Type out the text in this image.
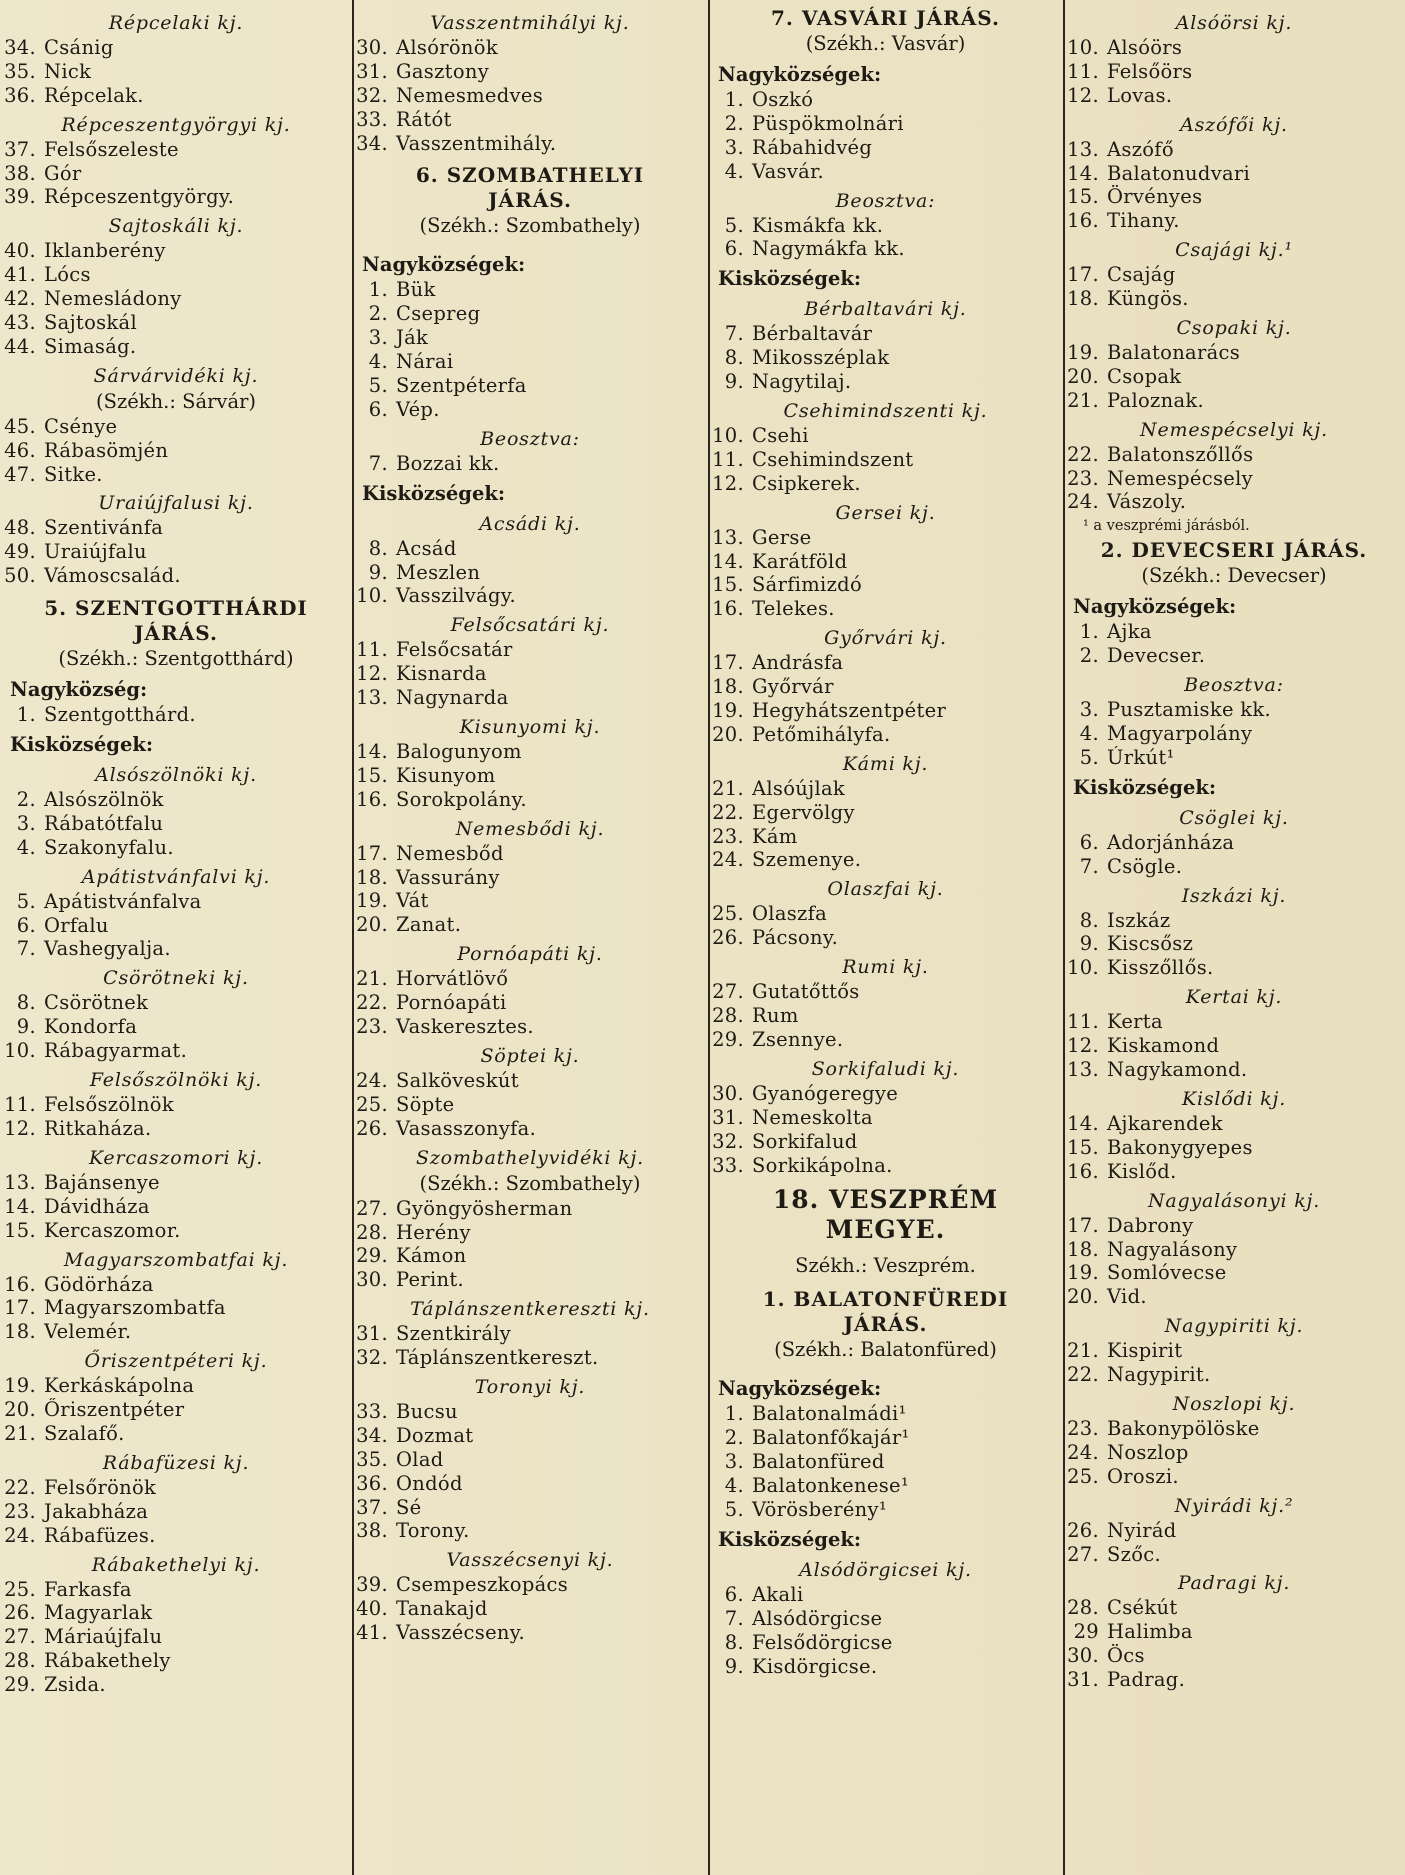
Répcelaki kj.
34. Csánig
35. Nick
36. Répcelak.
Répceszentgyörgyi kj.
37. Felsőszeleste
38. Gór
39. Répceszentgyörgy.
Sajtoskáli kj.
40. Iklanberény
41. Lócs
42. Nemesládony
43. Sajtoskál
44. Simaság.
Sárvárvidéki kj.
(Székh.: Sárvár)
45. Csénye
46. Rábasömjén
47. Sitke.
Uraiújfalusi kj.
48. Szentivánfa
49. Uraiújfalu
50. Vámoscsalád.
5. SZENTGOTTHÁRDI
JÁRÁS.
(Székh.: Szentgotthárd)
Nagyközség:
1. Szentgotthárd.
Kisközségek:
Alsószölnöki kj.
2. Alsószölnök
3. Rábatótfalu
4. Szakonyfalu.
Apátistvánfalvi kj.
5. Apátistvánfalva
6. Orfalu
7. Vashegyalja.
Csörötneki kj.
8. Csörötnek
9. Kondorfa
10. Rábagyarmat.
Felsőszölnöki kj.
11. Felsőszölnök
12. Ritkaháza.
Kercaszomori kj.
13. Bajánsenye
14. Dávidháza
15. Kercaszomor.
Magyarszombatfai kj.
16. Gödörháza
17. Magyarszombatfa
18. Velemér.
Őriszentpéteri kj.
19. Kerkáskápolna
20. Őriszentpéter
21. Szalafő.
Rábafüzesi kj.
22. Felsőrönök
23. Jakabháza
24. Rábafüzes.
Rábakethelyi kj.
25. Farkasfa
26. Magyarlak
27. Máriaújfalu
28. Rábakethely
29. Zsida.
Vasszentmihályi kj.
30. Alsórönök
31. Gasztony
32. Nemesmedves
33. Rátót
34. Vasszentmihály.
6. SZOMBATHELYI
JÁRÁS.
(Székh.: Szombathely)
Nagyközségek:
1. Bük
2. Csepreg
3. Ják
4. Nárai
5. Szentpéterfa
6. Vép.
Beosztva:
7. Bozzai kk.
Kisközségek:
Acsádi kj.
8. Acsád
9. Meszlen
10. Vasszilvágy.
Felsőcsatári kj.
11. Felsőcsatár
12. Kisnarda
13. Nagynarda
Kisunyomi kj.
14. Balogunyom
15. Kisunyom
16. Sorokpolány.
Nemesbődi kj.
17. Nemesbőd
18. Vassurány
19. Vát
20. Zanat.
Pornóapáti kj.
21. Horvátlövő
22. Pornóapáti
23. Vaskeresztes.
Söptei kj.
24. Salköveskút
25. Söpte
26. Vasasszonyfa.
Szombathelyvidéki kj.
(Székh.: Szombathely)
27. Gyöngyösherman
28. Herény
29. Kámon
30. Perint.
Táplánszentkereszti kj.
31. Szentkirály
32. Táplánszentkereszt.
Toronyi kj.
33. Bucsu
34. Dozmat
35. Olad
36. Ondód
37. Sé
38. Torony.
Vasszécsenyi kj.
39. Csempeszkopács
40. Tanakajd
41. Vasszécseny.
7. VASVÁRI JÁRÁS.
(Székh.: Vasvár)
Nagyközségek:
1. Oszkó
2. Püspökmolnári
3. Rábahidvég
4. Vasvár.
Beosztva:
5. Kismákfa kk.
6. Nagymákfa kk.
Kisközségek:
Bérbaltavári kj.
7. Bérbaltavár
8. Mikosszéplak
9. Nagytilaj.
Csehimindszenti kj.
10. Csehi
11. Csehimindszent
12. Csipkerek.
Gersei kj.
13. Gerse
14. Karátföld
15. Sárfimizdó
16. Telekes.
Győrvári kj.
17. Andrásfa
18. Győrvár
19. Hegyhátszentpéter
20. Petőmihályfa.
Kámi kj.
21. Alsóújlak
22. Egervölgy
23. Kám
24. Szemenye.
Olaszfai kj.
25. Olaszfa
26. Pácsony.
Rumi kj.
27. Gutatőttős
28. Rum
29. Zsennye.
Sorkifaludi kj.
30. Gyanógeregye
31. Nemeskolta
32. Sorkifalud
33. Sorkikápolna.
18. VESZPRÉM
MEGYE.
Székh.: Veszprém.
1. BALATONFÜREDI
JÁRÁS.
(Székh.: Balatonfüred)
Nagyközségek:
1. Balatonalmádi¹
2. Balatonfőkajár¹
3. Balatonfüred
4. Balatonkenese¹
5. Vörösberény¹
Kisközségek:
Alsódörgicsei kj.
6. Akali
7. Alsódörgicse
8. Felsődörgicse
9. Kisdörgicse.
Alsóörsi kj.
10. Alsóörs
11. Felsőörs
12. Lovas.
Aszófői kj.
13. Aszófő
14. Balatonudvari
15. Örvényes
16. Tihany.
Csajági kj.¹
17. Csajág
18. Küngös.
Csopaki kj.
19. Balatonarács
20. Csopak
21. Paloznak.
Nemespécselyi kj.
22. Balatonszőllős
23. Nemespécsely
24. Vászoly.
¹ a veszprémi járásból.
2. DEVECSERI JÁRÁS.
(Székh.: Devecser)
Nagyközségek:
1. Ajka
2. Devecser.
Beosztva:
3. Pusztamiske kk.
4. Magyarpolány
5. Úrkút¹
Kisközségek:
Csöglei kj.
6. Adorjánháza
7. Csögle.
Iszkázi kj.
8. Iszkáz
9. Kiscsősz
10. Kisszőllős.
Kertai kj.
11. Kerta
12. Kiskamond
13. Nagykamond.
Kislődi kj.
14. Ajkarendek
15. Bakonygyepes
16. Kislőd.
Nagyalásonyi kj.
17. Dabrony
18. Nagyalásony
19. Somlóvecse
20. Vid.
Nagypiriti kj.
21. Kispirit
22. Nagypirit.
Noszlopi kj.
23. Bakonypölöske
24. Noszlop
25. Oroszi.
Nyirádi kj.²
26. Nyirád
27. Szőc.
Padragi kj.
28. Csékút
29 Halimba
30. Öcs
31. Padrag.
